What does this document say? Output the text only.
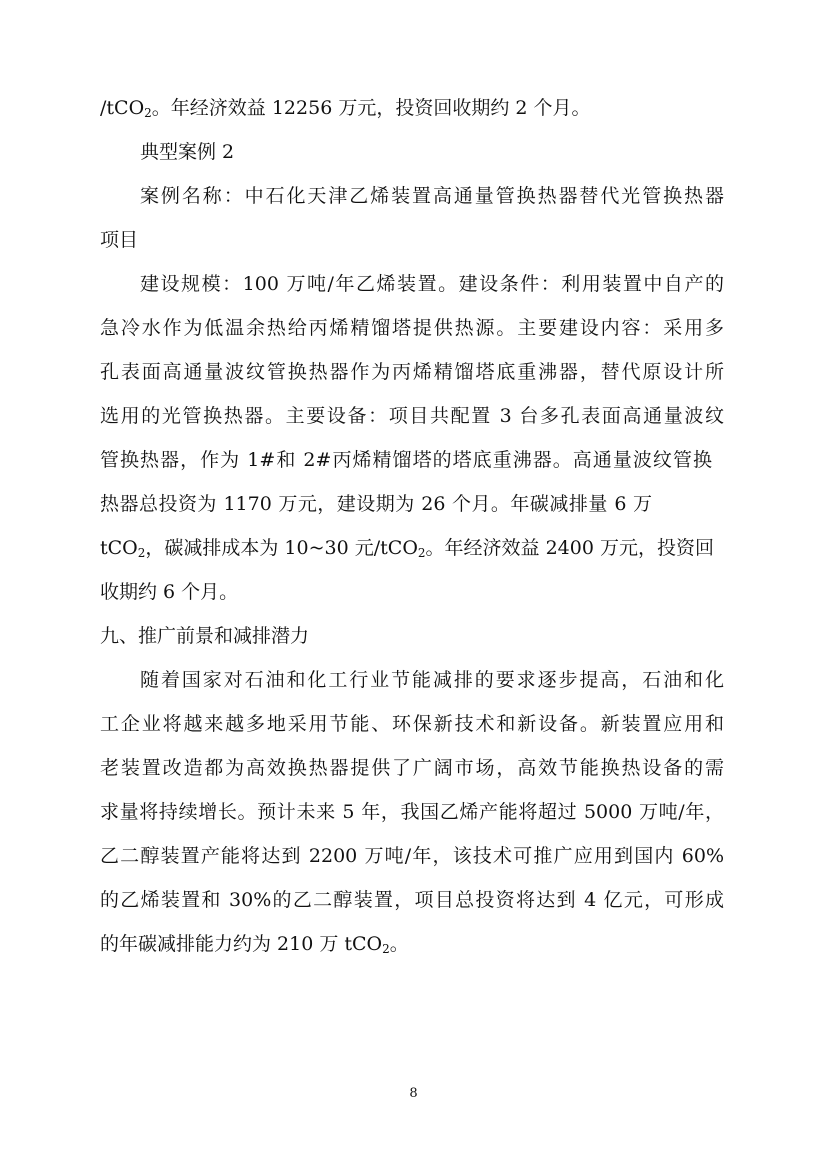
/tCO$_2$。年经济效益 12256 万元，投资回收期约 2 个月。
典型案例 2
案例名称：中石化天津乙烯装置高通量管换热器替代光管换热器
项目
建设规模：100 万吨/年乙烯装置。建设条件：利用装置中自产的
急冷水作为低温余热给丙烯精馏塔提供热源。主要建设内容：采用多
孔表面高通量波纹管换热器作为丙烯精馏塔底重沸器，替代原设计所
选用的光管换热器。主要设备：项目共配置 3 台多孔表面高通量波纹
管换热器，作为 1#和 2#丙烯精馏塔的塔底重沸器。高通量波纹管换
热器总投资为 1170 万元，建设期为 26 个月。年碳减排量 6 万
tCO$_2$，碳减排成本为 10~30 元/tCO$_2$。年经济效益 2400 万元，投资回
收期约 6 个月。
九、推广前景和减排潜力
随着国家对石油和化工行业节能减排的要求逐步提高，石油和化
工企业将越来越多地采用节能、环保新技术和新设备。新装置应用和
老装置改造都为高效换热器提供了广阔市场，高效节能换热设备的需
求量将持续增长。预计未来 5 年，我国乙烯产能将超过 5000 万吨/年，
乙二醇装置产能将达到 2200 万吨/年，该技术可推广应用到国内 60%
的乙烯装置和 30%的乙二醇装置，项目总投资将达到 4 亿元，可形成
的年碳减排能力约为 210 万 tCO$_2$。
8
